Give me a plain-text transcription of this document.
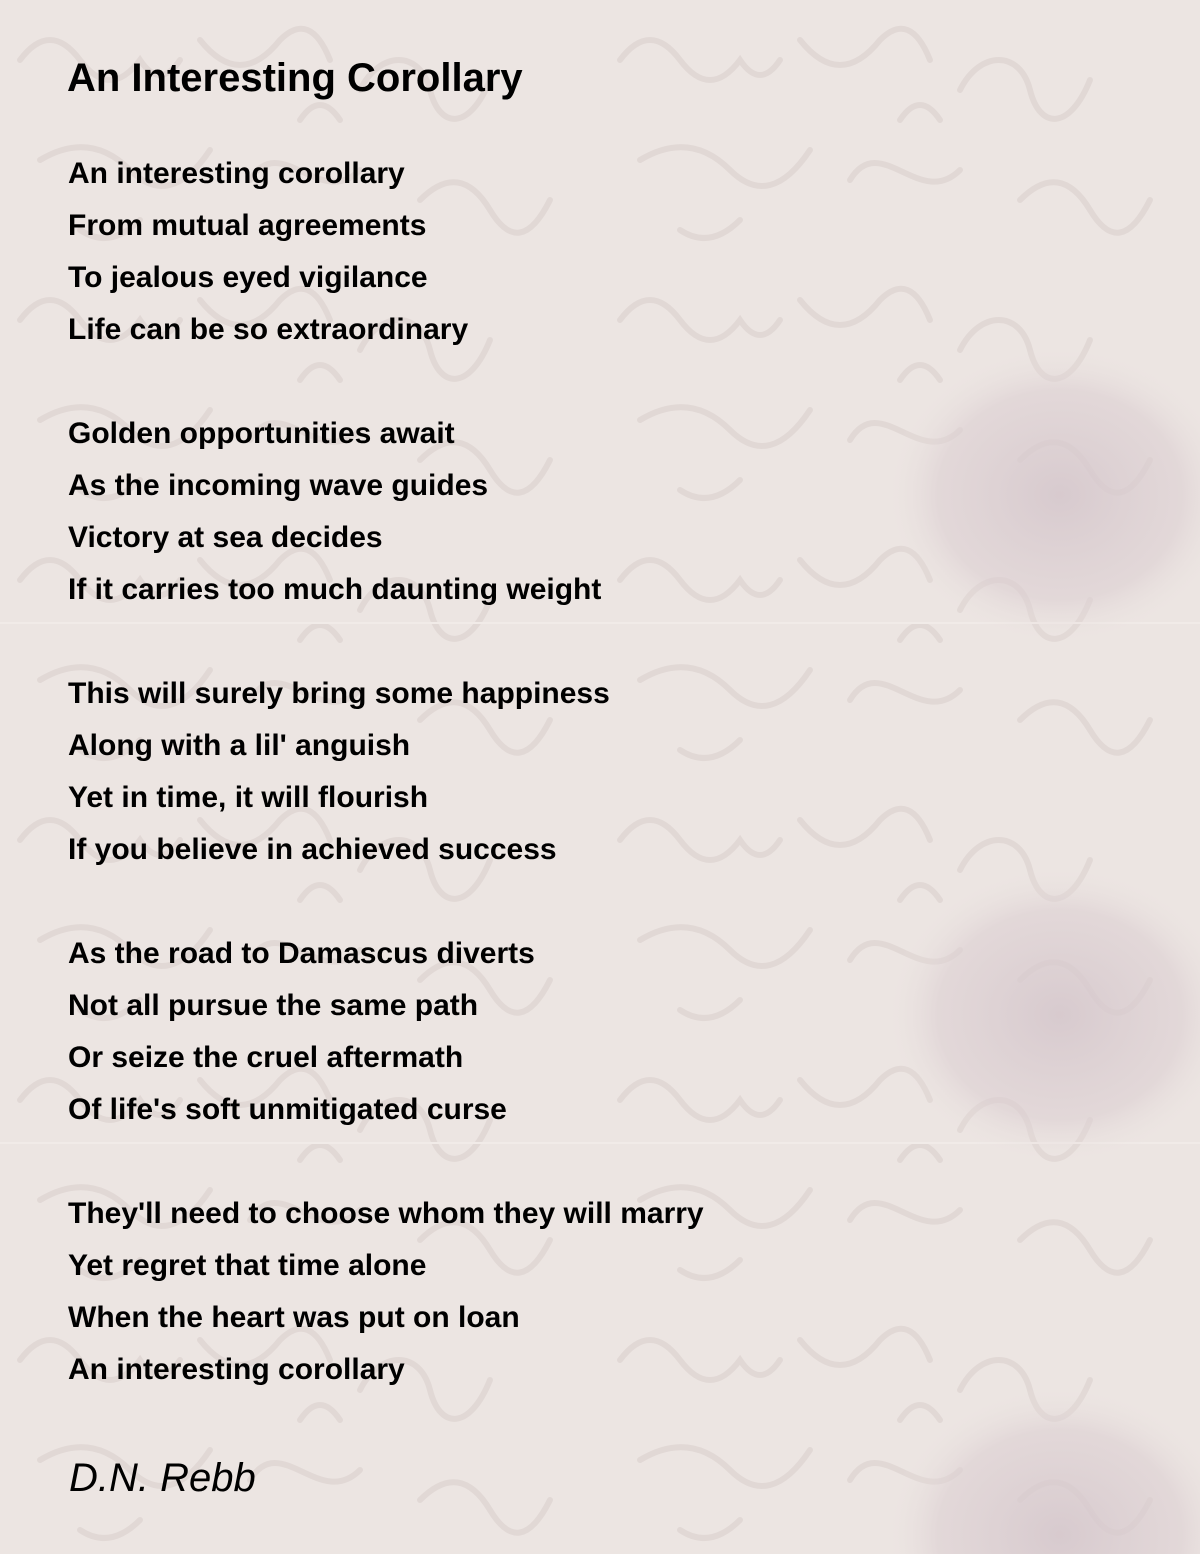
An Interesting Corollary
An interesting corollary
From mutual agreements
To jealous eyed vigilance
Life can be so extraordinary
Golden opportunities await
As the incoming wave guides
Victory at sea decides
If it carries too much daunting weight
This will surely bring some happiness
Along with a lil' anguish
Yet in time, it will flourish
If you believe in achieved success
As the road to Damascus diverts
Not all pursue the same path
Or seize the cruel aftermath
Of life's soft unmitigated curse
They'll need to choose whom they will marry
Yet regret that time alone
When the heart was put on loan
An interesting corollary
D.N. Rebb
